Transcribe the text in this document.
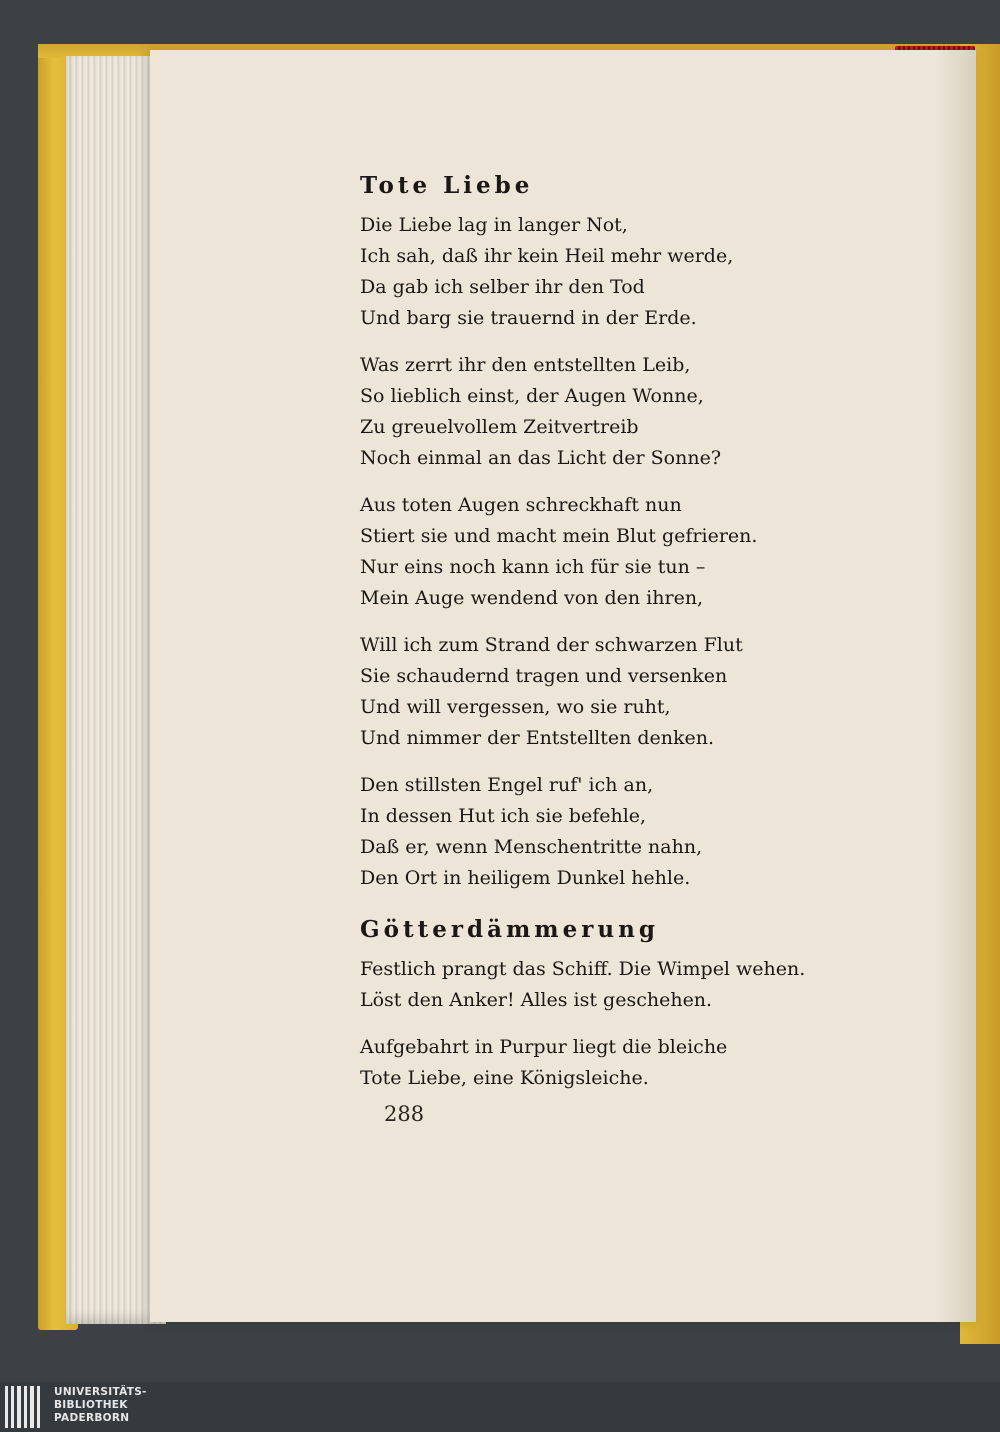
Tote Liebe
Die Liebe lag in langer Not,
Ich sah, daß ihr kein Heil mehr werde,
Da gab ich selber ihr den Tod
Und barg sie trauernd in der Erde.
Was zerrt ihr den entstellten Leib,
So lieblich einst, der Augen Wonne,
Zu greuelvollem Zeitvertreib
Noch einmal an das Licht der Sonne?
Aus toten Augen schreckhaft nun
Stiert sie und macht mein Blut gefrieren.
Nur eins noch kann ich für sie tun –
Mein Auge wendend von den ihren,
Will ich zum Strand der schwarzen Flut
Sie schaudernd tragen und versenken
Und will vergessen, wo sie ruht,
Und nimmer der Entstellten denken.
Den stillsten Engel ruf' ich an,
In dessen Hut ich sie befehle,
Daß er, wenn Menschentritte nahn,
Den Ort in heiligem Dunkel hehle.
Götterdämmerung
Festlich prangt das Schiff. Die Wimpel wehen.
Löst den Anker! Alles ist geschehen.
Aufgebahrt in Purpur liegt die bleiche
Tote Liebe, eine Königsleiche.
288
UNIVERSITÄTS-
BIBLIOTHEK
PADERBORN
